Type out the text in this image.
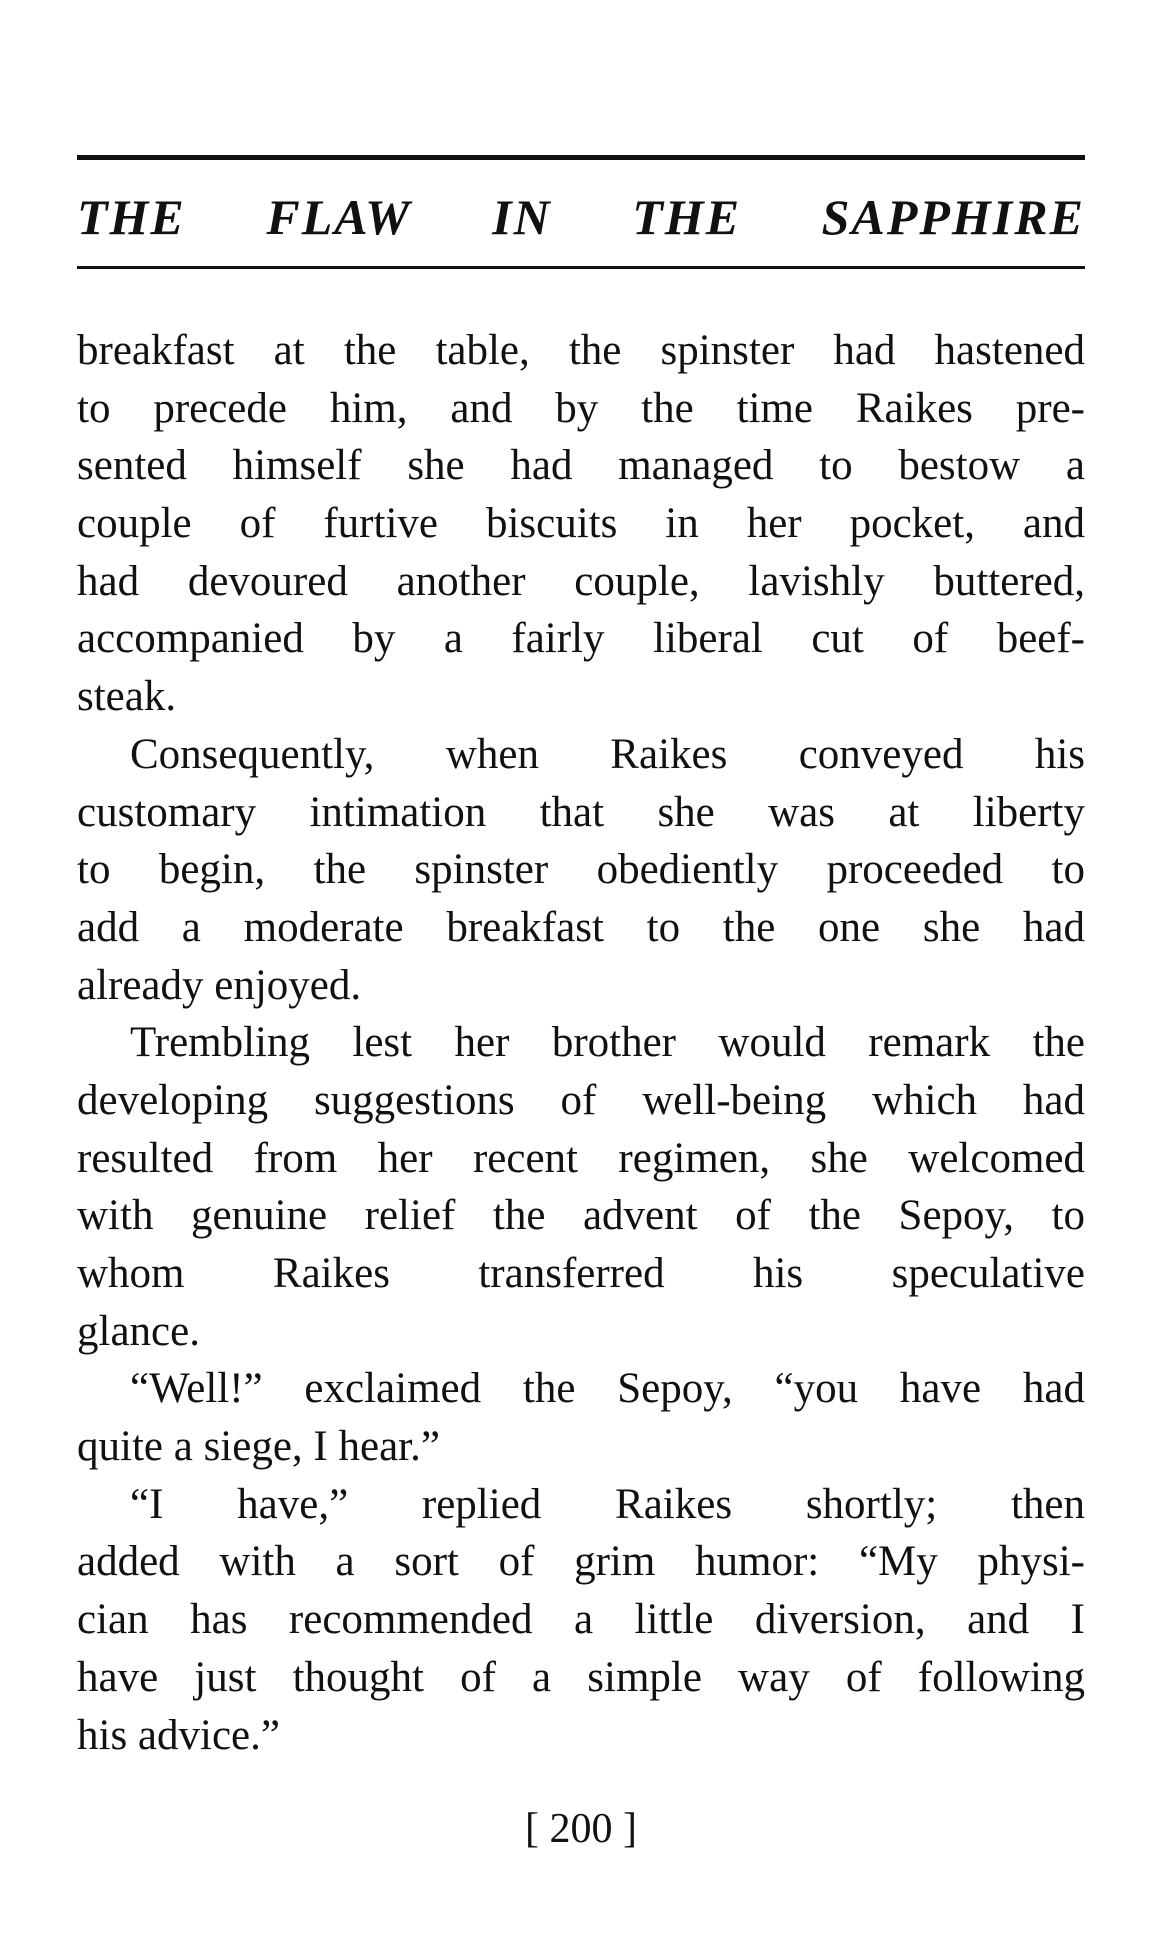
THE FLAW IN THE SAPPHIRE
breakfast at the table, the spinster had hastened
to precede him, and by the time Raikes pre-
sented himself she had managed to bestow a
couple of furtive biscuits in her pocket, and
had devoured another couple, lavishly buttered,
accompanied by a fairly liberal cut of beef-
steak.
Consequently, when Raikes conveyed his
customary intimation that she was at liberty
to begin, the spinster obediently proceeded to
add a moderate breakfast to the one she had
already enjoyed.
Trembling lest her brother would remark the
developing suggestions of well-being which had
resulted from her recent regimen, she welcomed
with genuine relief the advent of the Sepoy, to
whom Raikes transferred his speculative
glance.
“Well!” exclaimed the Sepoy, “you have had
quite a siege, I hear.”
“I have,” replied Raikes shortly; then
added with a sort of grim humor: “My physi-
cian has recommended a little diversion, and I
have just thought of a simple way of following
his advice.”
[ 200 ]
